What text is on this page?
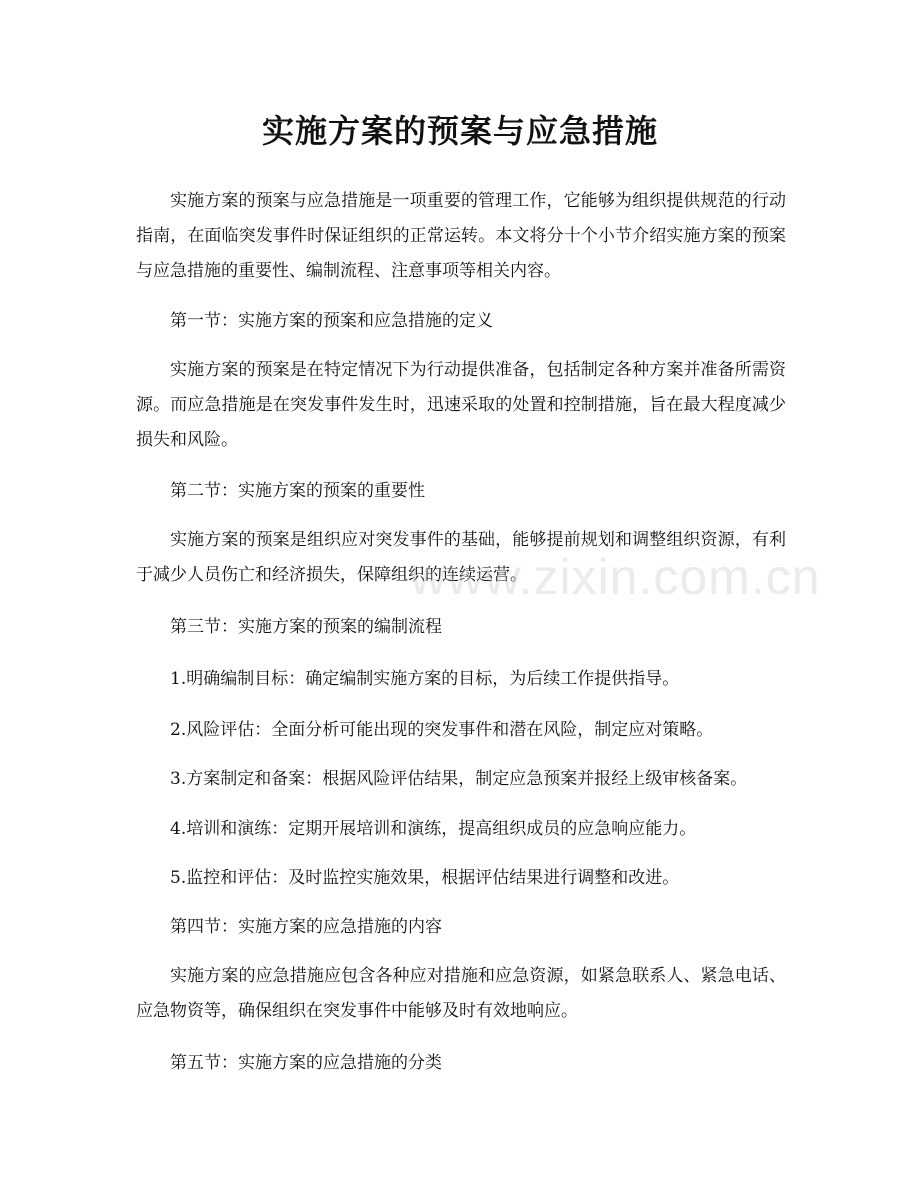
实施方案的预案与应急措施

实施方案的预案与应急措施是一项重要的管理工作，它能够为组织提供规范的行动指南，在面临突发事件时保证组织的正常运转。本文将分十个小节介绍实施方案的预案与应急措施的重要性、编制流程、注意事项等相关内容。

第一节：实施方案的预案和应急措施的定义

实施方案的预案是在特定情况下为行动提供准备，包括制定各种方案并准备所需资源。而应急措施是在突发事件发生时，迅速采取的处置和控制措施，旨在最大程度减少损失和风险。

第二节：实施方案的预案的重要性

实施方案的预案是组织应对突发事件的基础，能够提前规划和调整组织资源，有利于减少人员伤亡和经济损失，保障组织的连续运营。

第三节：实施方案的预案的编制流程

1.明确编制目标：确定编制实施方案的目标，为后续工作提供指导。

2.风险评估：全面分析可能出现的突发事件和潜在风险，制定应对策略。

3.方案制定和备案：根据风险评估结果，制定应急预案并报经上级审核备案。

4.培训和演练：定期开展培训和演练，提高组织成员的应急响应能力。

5.监控和评估：及时监控实施效果，根据评估结果进行调整和改进。

第四节：实施方案的应急措施的内容

实施方案的应急措施应包含各种应对措施和应急资源，如紧急联系人、紧急电话、应急物资等，确保组织在突发事件中能够及时有效地响应。

第五节：实施方案的应急措施的分类

www.zixin.com.cn
